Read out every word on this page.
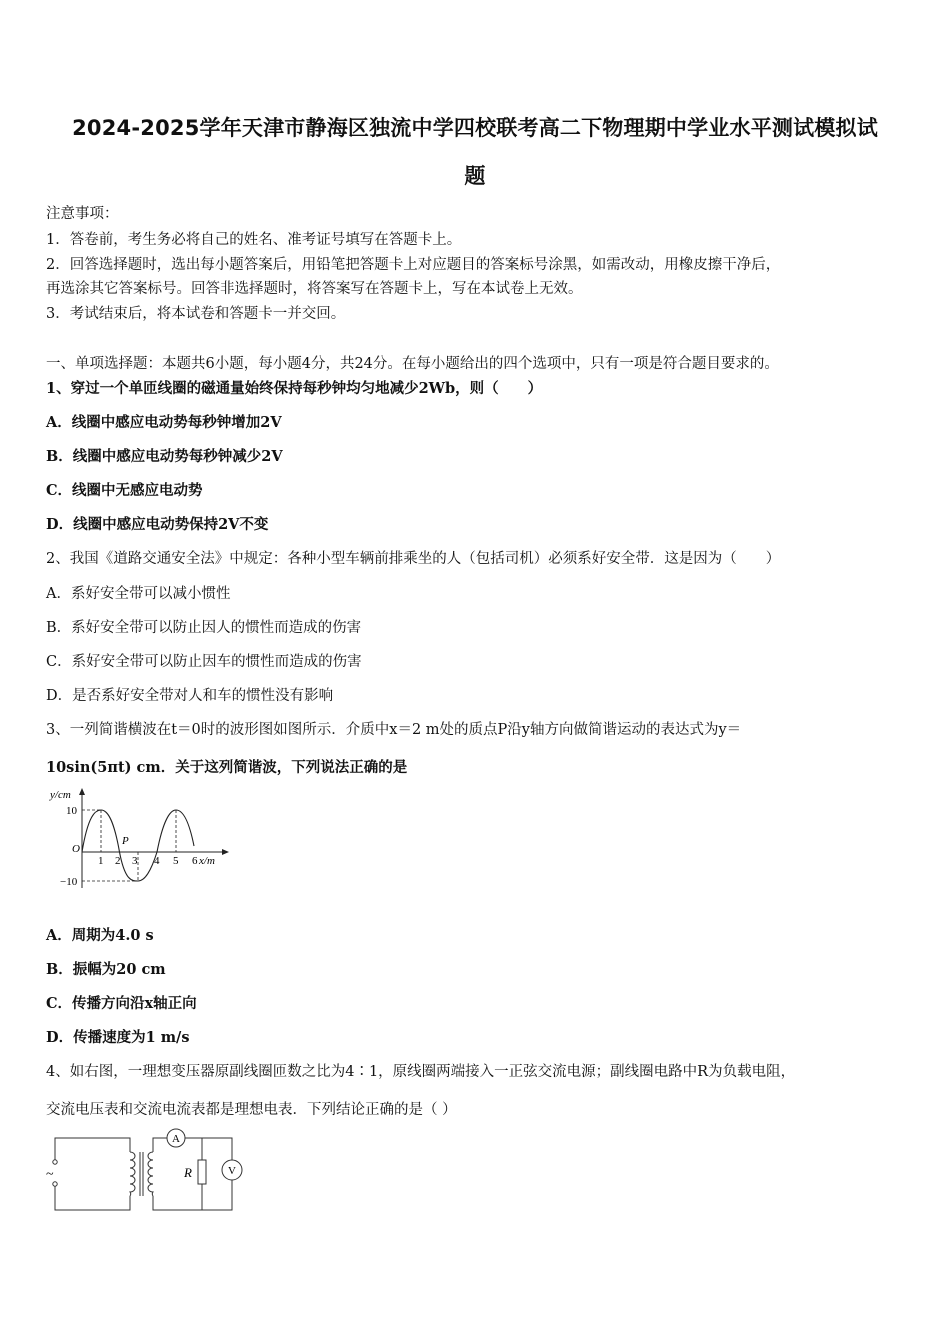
2024-2025学年天津市静海区独流中学四校联考高二下物理期中学业水平测试模拟试
题
注意事项：
1．答卷前，考生务必将自己的姓名、准考证号填写在答题卡上。
2．回答选择题时，选出每小题答案后，用铅笔把答题卡上对应题目的答案标号涂黑，如需改动，用橡皮擦干净后，
再选涂其它答案标号。回答非选择题时，将答案写在答题卡上，写在本试卷上无效。
3．考试结束后，将本试卷和答题卡一并交回。
一、单项选择题：本题共6小题，每小题4分，共24分。在每小题给出的四个选项中，只有一项是符合题目要求的。
1、穿过一个单匝线圈的磁通量始终保持每秒钟均匀地减少2Wb，则（　　）
A．线圈中感应电动势每秒钟增加2V
B．线圈中感应电动势每秒钟减少2V
C．线圈中无感应电动势
D．线圈中感应电动势保持2V不变
2、我国《道路交通安全法》中规定：各种小型车辆前排乘坐的人（包括司机）必须系好安全带．这是因为（　　）
A．系好安全带可以减小惯性
B．系好安全带可以防止因人的惯性而造成的伤害
C．系好安全带可以防止因车的惯性而造成的伤害
D．是否系好安全带对人和车的惯性没有影响
3、一列简谐横波在t＝0时的波形图如图所示．介质中x＝2 m处的质点P沿y轴方向做简谐运动的表达式为y＝
10sin(5πt) cm．关于这列简谐波，下列说法正确的是
y/cm
10
−10
O
1 2 3 4 5 6 x/m
P
A．周期为4.0 s
B．振幅为20 cm
C．传播方向沿x轴正向
D．传播速度为1 m/s
4、如右图，一理想变压器原副线圈匝数之比为4∶1，原线圈两端接入一正弦交流电源；副线圈电路中R为负载电阻，
交流电压表和交流电流表都是理想电表．下列结论正确的是（ ）
~
A
R	V
